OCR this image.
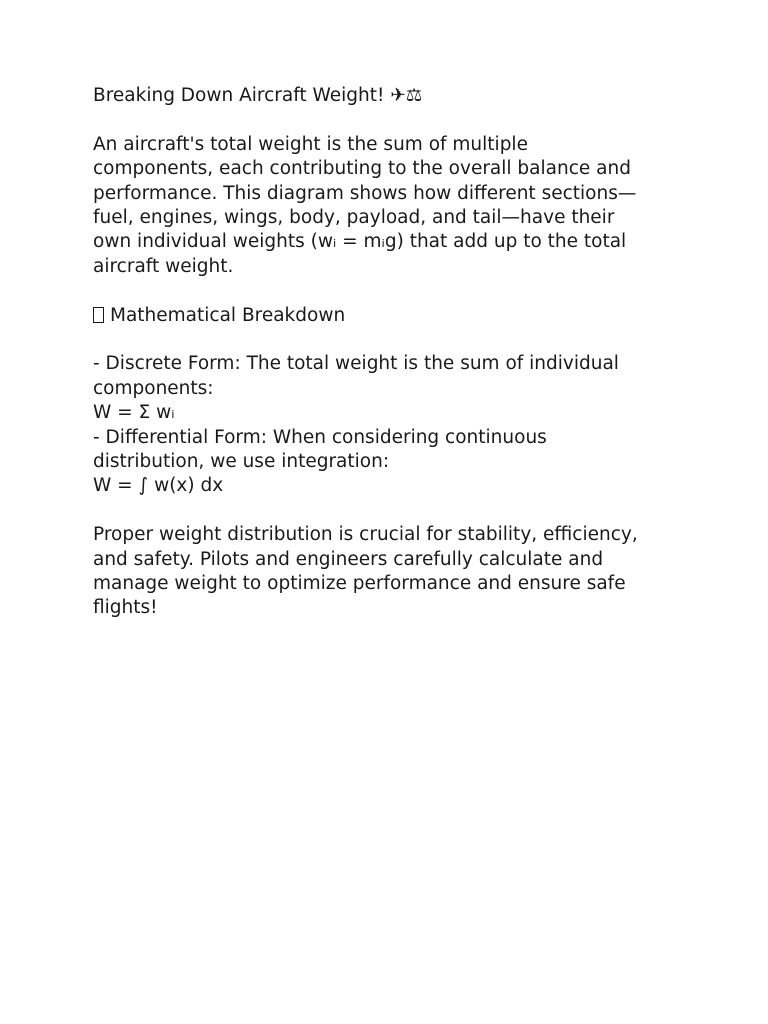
Breaking Down Aircraft Weight! ✈⚖
An aircraft's total weight is the sum of multiple
components, each contributing to the overall balance and
performance. This diagram shows how different sections—
fuel, engines, wings, body, payload, and tail—have their
own individual weights (wᵢ = mᵢg) that add up to the total
aircraft weight.
Mathematical Breakdown
- Discrete Form: The total weight is the sum of individual
components:
W = Σ wᵢ
- Differential Form: When considering continuous
distribution, we use integration:
W = ∫ w(x) dx
Proper weight distribution is crucial for stability, efficiency,
and safety. Pilots and engineers carefully calculate and
manage weight to optimize performance and ensure safe
flights!
